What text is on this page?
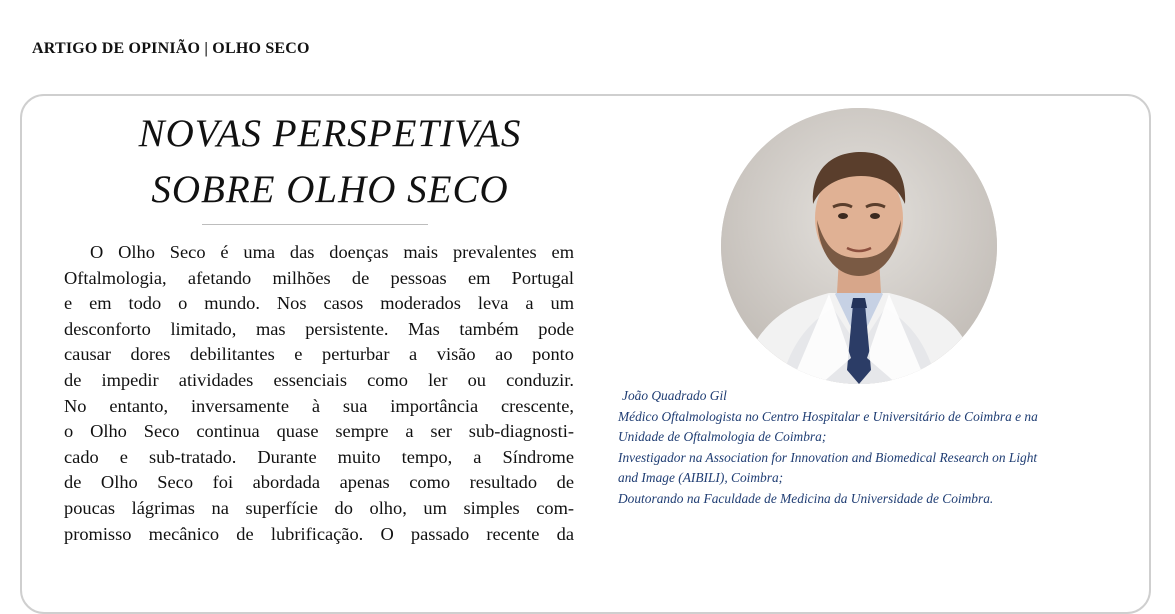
ARTIGO DE OPINIÃO | OLHO SECO
NOVAS PERSPETIVAS
SOBRE OLHO SECO
O Olho Seco é uma das doenças mais prevalentes em
Oftalmologia, afetando milhões de pessoas em Portugal
e em todo o mundo. Nos casos moderados leva a um
desconforto limitado, mas persistente. Mas também pode
causar dores debilitantes e perturbar a visão ao ponto
de impedir atividades essenciais como ler ou conduzir.
No entanto, inversamente à sua importância crescente,
o Olho Seco continua quase sempre a ser sub-diagnosti-
cado e sub-tratado. Durante muito tempo, a Síndrome
de Olho Seco foi abordada apenas como resultado de
poucas lágrimas na superfície do olho, um simples com-
promisso mecânico de lubrificação. O passado recente da
João Quadrado Gil
Médico Oftalmologista no Centro Hospitalar e Universitário de Coimbra e na
Unidade de Oftalmologia de Coimbra;
Investigador na Association for Innovation and Biomedical Research on Light
and Image (AIBILI), Coimbra;
Doutorando na Faculdade de Medicina da Universidade de Coimbra.
